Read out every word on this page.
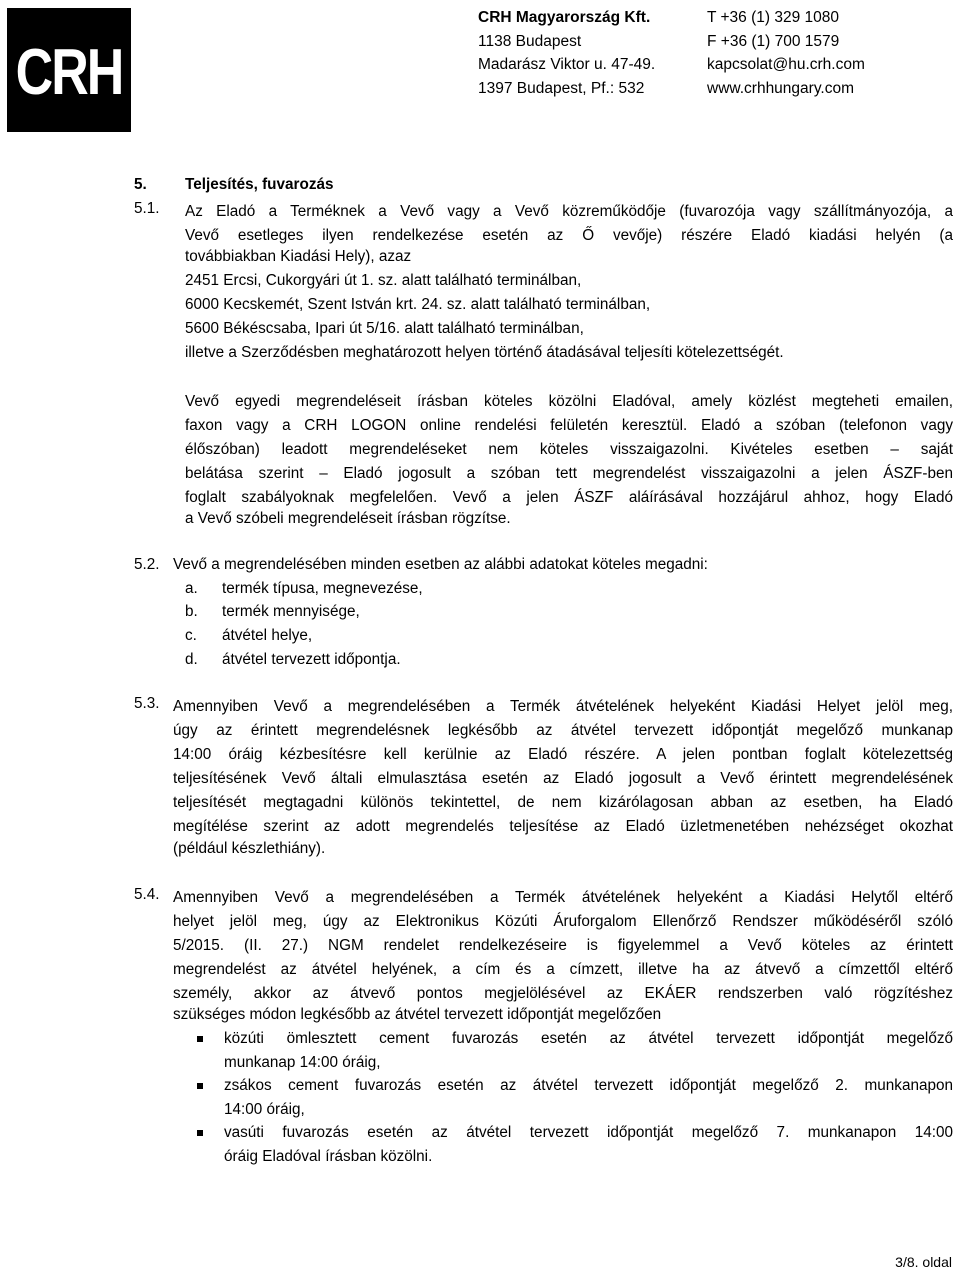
CRH
CRH Magyarország Kft.
1138 Budapest
Madarász Viktor u. 47-49.
1397 Budapest, Pf.: 532
T +36 (1) 329 1080
F +36 (1) 700 1579
kapcsolat@hu.crh.com
www.crhhungary.com
5. Teljesítés, fuvarozás
5.1. Az Eladó a Terméknek a Vevő vagy a Vevő közreműködője (fuvarozója vagy szállítmányozója, a
Vevő esetleges ilyen rendelkezése esetén az Ő vevője) részére Eladó kiadási helyén (a
továbbiakban Kiadási Hely), azaz
2451 Ercsi, Cukorgyári út 1. sz. alatt található terminálban,
6000 Kecskemét, Szent István krt. 24. sz. alatt található terminálban,
5600 Békéscsaba, Ipari út 5/16. alatt található terminálban,
illetve a Szerződésben meghatározott helyen történő átadásával teljesíti kötelezettségét.
Vevő egyedi megrendeléseit írásban köteles közölni Eladóval, amely közlést megteheti emailen,
faxon vagy a CRH LOGON online rendelési felületén keresztül. Eladó a szóban (telefonon vagy
élőszóban) leadott megrendeléseket nem köteles visszaigazolni. Kivételes esetben – saját
belátása szerint – Eladó jogosult a szóban tett megrendelést visszaigazolni a jelen ÁSZF-ben
foglalt szabályoknak megfelelően. Vevő a jelen ÁSZF aláírásával hozzájárul ahhoz, hogy Eladó
a Vevő szóbeli megrendeléseit írásban rögzítse.
5.2. Vevő a megrendelésében minden esetben az alábbi adatokat köteles megadni:
a. termék típusa, megnevezése,
b. termék mennyisége,
c. átvétel helye,
d. átvétel tervezett időpontja.
5.3. Amennyiben Vevő a megrendelésében a Termék átvételének helyeként Kiadási Helyet jelöl meg,
úgy az érintett megrendelésnek legkésőbb az átvétel tervezett időpontját megelőző munkanap
14:00 óráig kézbesítésre kell kerülnie az Eladó részére. A jelen pontban foglalt kötelezettség
teljesítésének Vevő általi elmulasztása esetén az Eladó jogosult a Vevő érintett megrendelésének
teljesítését megtagadni különös tekintettel, de nem kizárólagosan abban az esetben, ha Eladó
megítélése szerint az adott megrendelés teljesítése az Eladó üzletmenetében nehézséget okozhat
(például készlethiány).
5.4. Amennyiben Vevő a megrendelésében a Termék átvételének helyeként a Kiadási Helytől eltérő
helyet jelöl meg, úgy az Elektronikus Közúti Áruforgalom Ellenőrző Rendszer működéséről szóló
5/2015. (II. 27.) NGM rendelet rendelkezéseire is figyelemmel a Vevő köteles az érintett
megrendelést az átvétel helyének, a cím és a címzett, illetve ha az átvevő a címzettől eltérő
személy, akkor az átvevő pontos megjelölésével az EKÁER rendszerben való rögzítéshez
szükséges módon legkésőbb az átvétel tervezett időpontját megelőzően
közúti ömlesztett cement fuvarozás esetén az átvétel tervezett időpontját megelőző
munkanap 14:00 óráig,
zsákos cement fuvarozás esetén az átvétel tervezett időpontját megelőző 2. munkanapon
14:00 óráig,
vasúti fuvarozás esetén az átvétel tervezett időpontját megelőző 7. munkanapon 14:00
óráig Eladóval írásban közölni.
3/8. oldal
